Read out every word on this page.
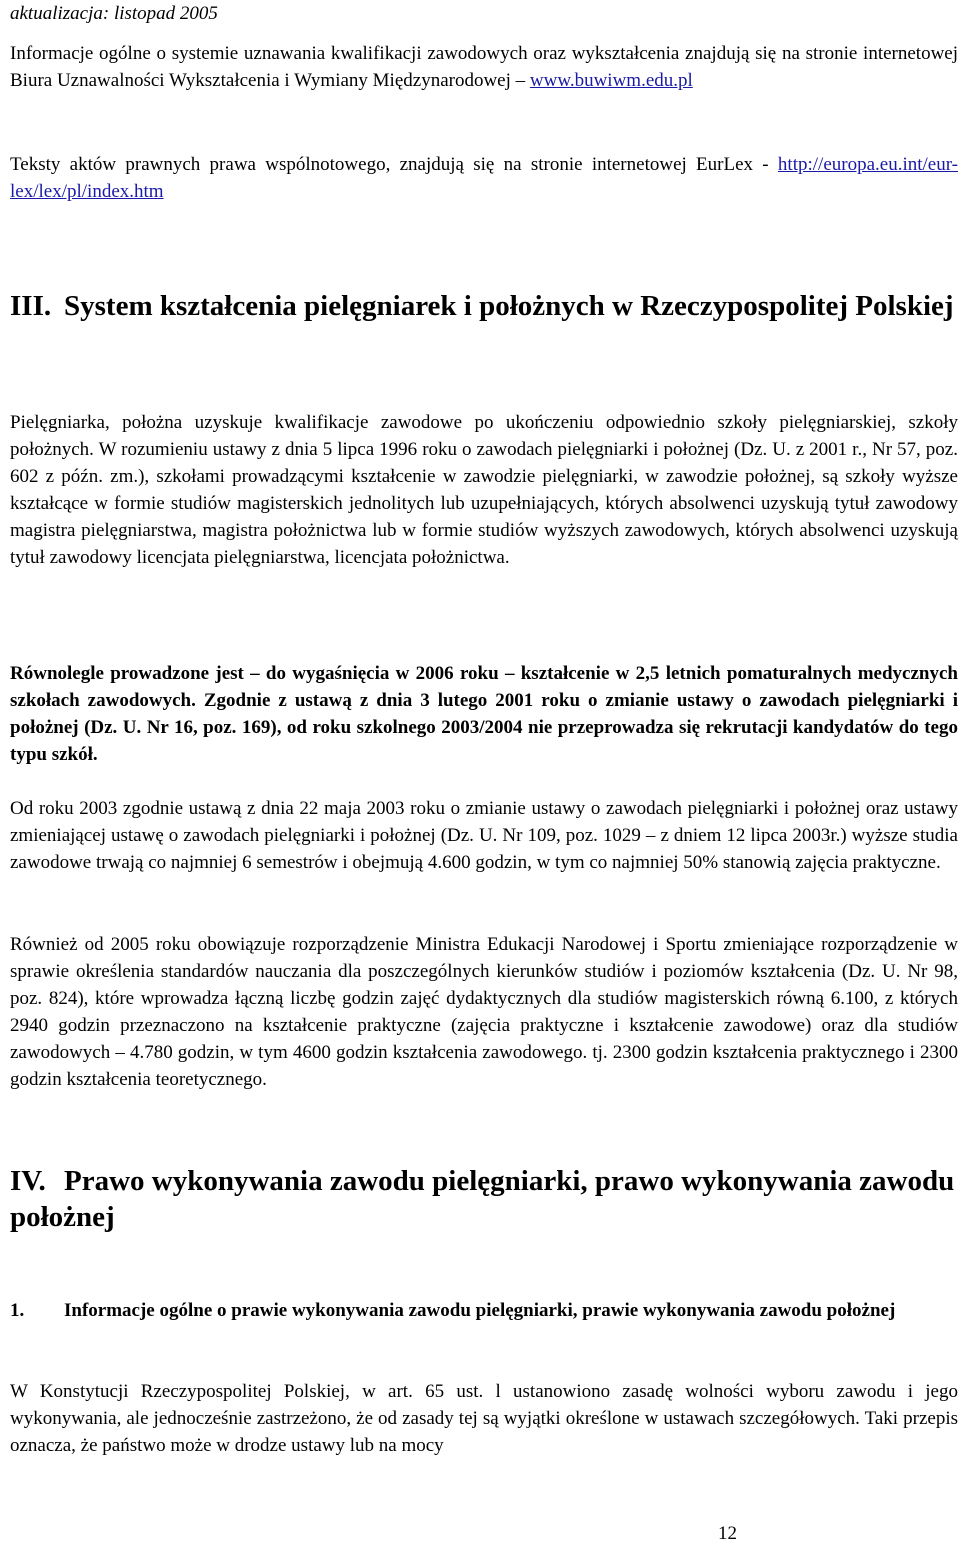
aktualizacja: listopad 2005

Informacje ogólne o systemie uznawania kwalifikacji zawodowych oraz wykształcenia znajdują się na stronie internetowej Biura Uznawalności Wykształcenia i Wymiany Międzynarodowej – www.buwiwm.edu.pl

Teksty aktów prawnych prawa wspólnotowego, znajdują się na stronie internetowej EurLex - http://europa.eu.int/eur-lex/lex/pl/index.htm

III. System kształcenia pielęgniarek i położnych w Rzeczypospolitej Polskiej

Pielęgniarka, położna uzyskuje kwalifikacje zawodowe po ukończeniu odpowiednio szkoły pielęgniarskiej, szkoły położnych. W rozumieniu ustawy z dnia 5 lipca 1996 roku o zawodach pielęgniarki i położnej (Dz. U. z 2001 r., Nr 57, poz. 602 z późn. zm.), szkołami prowadzącymi kształcenie w zawodzie pielęgniarki, w zawodzie położnej, są szkoły wyższe kształcące w formie studiów magisterskich jednolitych lub uzupełniających, których absolwenci uzyskują tytuł zawodowy magistra pielęgniarstwa, magistra położnictwa lub w formie studiów wyższych zawodowych, których absolwenci uzyskują tytuł zawodowy licencjata pielęgniarstwa, licencjata położnictwa.

Równolegle prowadzone jest – do wygaśnięcia w 2006 roku – kształcenie w 2,5 letnich pomaturalnych medycznych szkołach zawodowych. Zgodnie z ustawą z dnia 3 lutego 2001 roku o zmianie ustawy o zawodach pielęgniarki i położnej (Dz. U. Nr 16, poz. 169), od roku szkolnego 2003/2004 nie przeprowadza się rekrutacji kandydatów do tego typu szkół.

Od roku 2003 zgodnie ustawą z dnia 22 maja 2003 roku o zmianie ustawy o zawodach pielęgniarki i położnej oraz ustawy zmieniającej ustawę o zawodach pielęgniarki i położnej (Dz. U. Nr 109, poz. 1029 – z dniem 12 lipca 2003r.) wyższe studia zawodowe trwają co najmniej 6 semestrów i obejmują 4.600 godzin, w tym co najmniej 50% stanowią zajęcia praktyczne.

Również od 2005 roku obowiązuje rozporządzenie Ministra Edukacji Narodowej i Sportu zmieniające rozporządzenie w sprawie określenia standardów nauczania dla poszczególnych kierunków studiów i poziomów kształcenia (Dz. U. Nr 98, poz. 824), które wprowadza łączną liczbę godzin zajęć dydaktycznych dla studiów magisterskich równą 6.100, z których 2940 godzin przeznaczono na kształcenie praktyczne (zajęcia praktyczne i kształcenie zawodowe) oraz dla studiów zawodowych – 4.780 godzin, w tym 4600 godzin kształcenia zawodowego. tj. 2300 godzin kształcenia praktycznego i 2300 godzin kształcenia teoretycznego.

IV. Prawo wykonywania zawodu pielęgniarki, prawo wykonywania zawodu położnej
1. Informacje ogólne o prawie wykonywania zawodu pielęgniarki, prawie wykonywania zawodu położnej

W Konstytucji Rzeczypospolitej Polskiej, w art. 65 ust. l ustanowiono zasadę wolności wyboru zawodu i jego wykonywania, ale jednocześnie zastrzeżono, że od zasady tej są wyjątki określone w ustawach szczegółowych. Taki przepis oznacza, że państwo może w drodze ustawy lub na mocy

12
